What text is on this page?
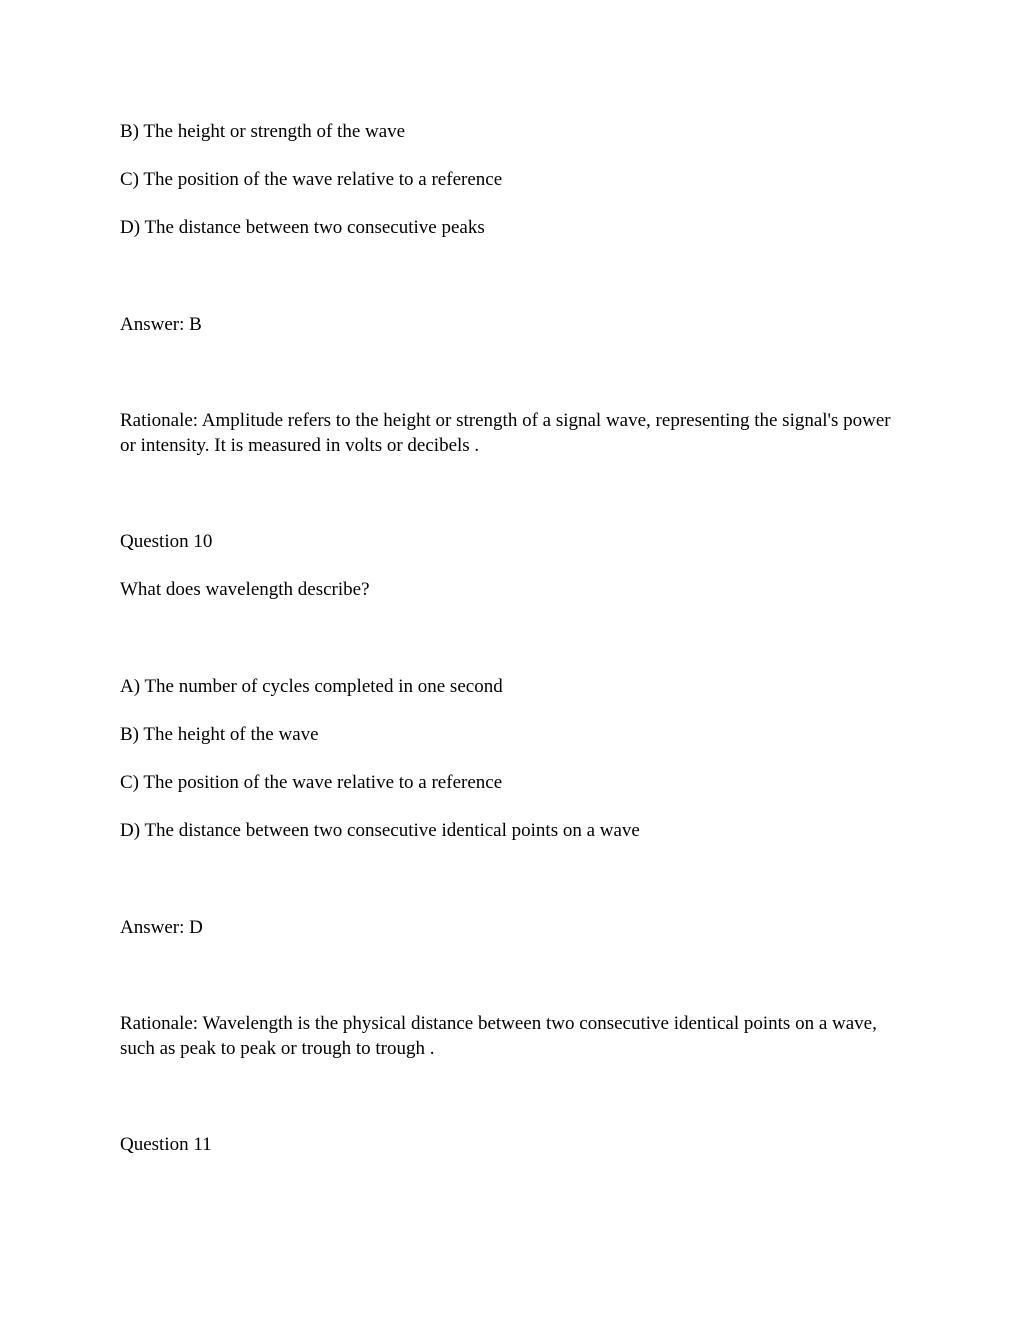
B) The height or strength of the wave

C) The position of the wave relative to a reference

D) The distance between two consecutive peaks

Answer: B

Rationale: Amplitude refers to the height or strength of a signal wave, representing the signal's power or intensity. It is measured in volts or decibels .

Question 10

What does wavelength describe?

A) The number of cycles completed in one second

B) The height of the wave

C) The position of the wave relative to a reference

D) The distance between two consecutive identical points on a wave

Answer: D

Rationale: Wavelength is the physical distance between two consecutive identical points on a wave, such as peak to peak or trough to trough .

Question 11
